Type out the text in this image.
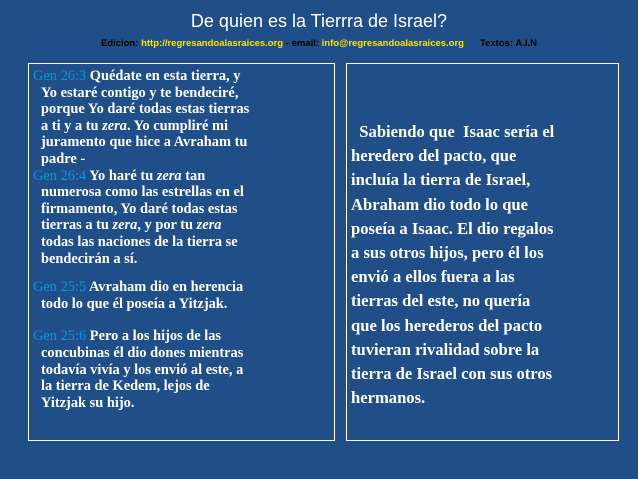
De quien es la Tierrra de Israel?
Edicion: http://regresandoalasraices.org - email: info@regresandoalasraices.org Textos: A.I.N
Gen 26:3 Quédate en esta tierra, y
Yo estaré contigo y te bendeciré,
porque Yo daré todas estas tierras
a ti y a tu zera. Yo cumpliré mi
juramento que hice a Avraham tu
padre -
Gen 26:4 Yo haré tu zera tan
numerosa como las estrellas en el
firmamento, Yo daré todas estas
tierras a tu zera, y por tu zera
todas las naciones de la tierra se
bendecirán a sí.
Gen 25:5 Avraham dio en herencia
todo lo que él poseía a Yitzjak.
Gen 25:6 Pero a los hijos de las
concubinas él dio dones mientras
todavía vivía y los envió al este, a
la tierra de Kedem, lejos de
Yitzjak su hijo.

Sabiendo que  Isaac sería el

heredero del pacto, que

incluía la tierra de Israel,

Abraham dio todo lo que

poseía a Isaac. El dio regalos

a sus otros hijos, pero él los

envió a ellos fuera a las

tierras del este, no quería

que los herederos del pacto

tuvieran rivalidad sobre la

tierra de Israel con sus otros

hermanos.
